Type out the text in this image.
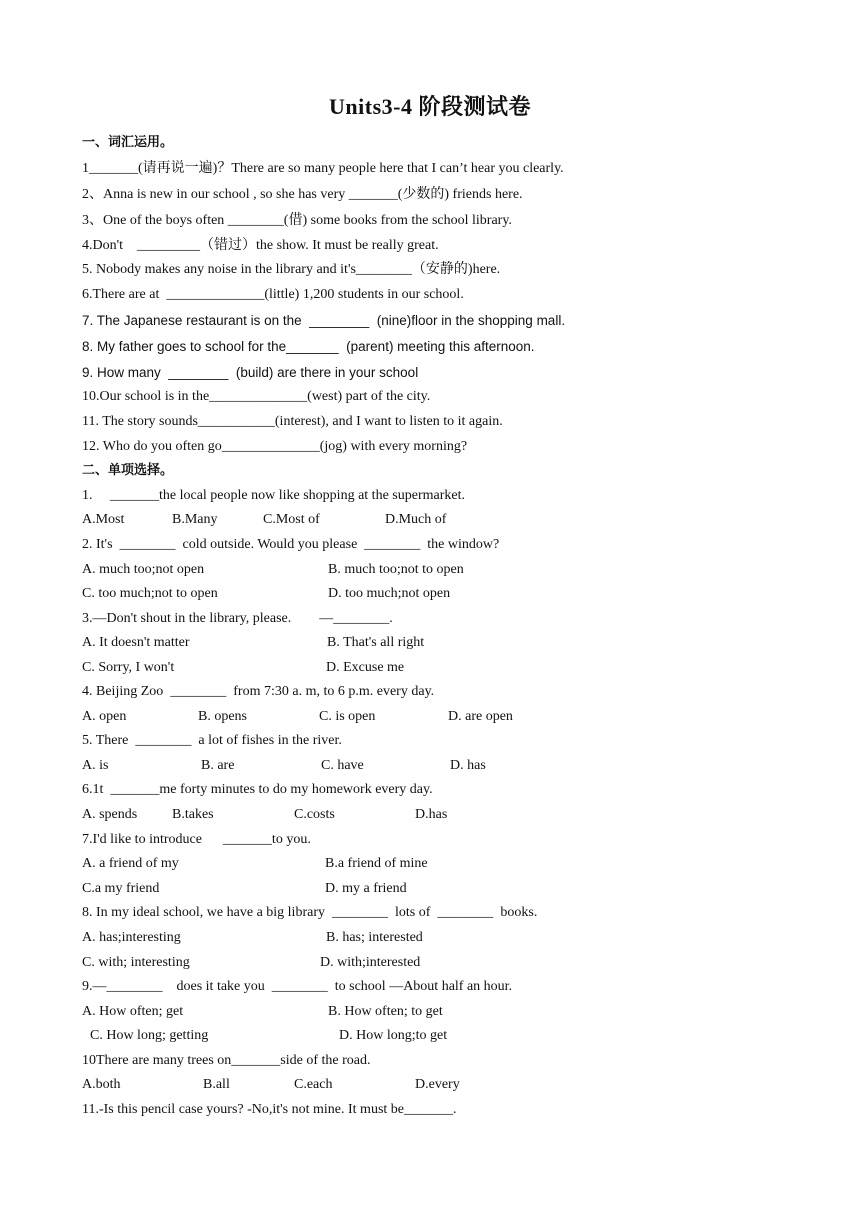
Units3-4 阶段测试卷
一、词汇运用。
1_______(请再说一遍)？There are so many people here that I can’t hear you clearly.
2、Anna is new in our school , so she has very _______(少数的) friends here.
3、One of the boys often ________(借) some books from the school library.
4.Don't    _________（错过）the show. It must be really great.
5. Nobody makes any noise in the library and it's________（安静的)here.
6.There are at  ______________(little) 1,200 students in our school.
7. The Japanese restaurant is on the  ________  (nine)floor in the shopping mall.
8. My father goes to school for the_______  (parent) meeting this afternoon.
9. How many  ________  (build) are there in your school
10.Our school is in the______________(west) part of the city.
11. The story sounds___________(interest), and I want to listen to it again.
12. Who do you often go______________(jog) with every morning?
二、单项选择。
1.     _______the local people now like shopping at the supermarket.
A.Most	B.Many	C.Most of	D.Much of
2. It's  ________  cold outside. Would you please  ________  the window?
A. much too;not open	B. much too;not to open
C. too much;not to open	D. too much;not open
3.—Don't shout in the library, please.        —________.
A. It doesn't matter	B. That's all right
C. Sorry, I won't	D. Excuse me
4. Beijing Zoo  ________  from 7:30 a. m, to 6 p.m. every day.
A. open	B. opens	C. is open	D. are open
5. There  ________  a lot of fishes in the river.
A. is	B. are	C. have	D. has
6.1t  _______me forty minutes to do my homework every day.
A. spends B.takes	C.costs	D.has
7.I'd like to introduce      _______to you.
A. a friend of my	B.a friend of mine
C.a my friend	D. my a friend
8. In my ideal school, we have a big library  ________  lots of  ________  books.
A. has;interesting	B. has; interested
C. with; interesting	D. with;interested
9.—________    does it take you  ________  to school —About half an hour.
A. How often; get	B. How often; to get
C. How long; getting	D. How long;to get
10There are many trees on_______side of the road.
A.both	B.all	C.each	D.every
11.-Is this pencil case yours? -No,it's not mine. It must be_______.
